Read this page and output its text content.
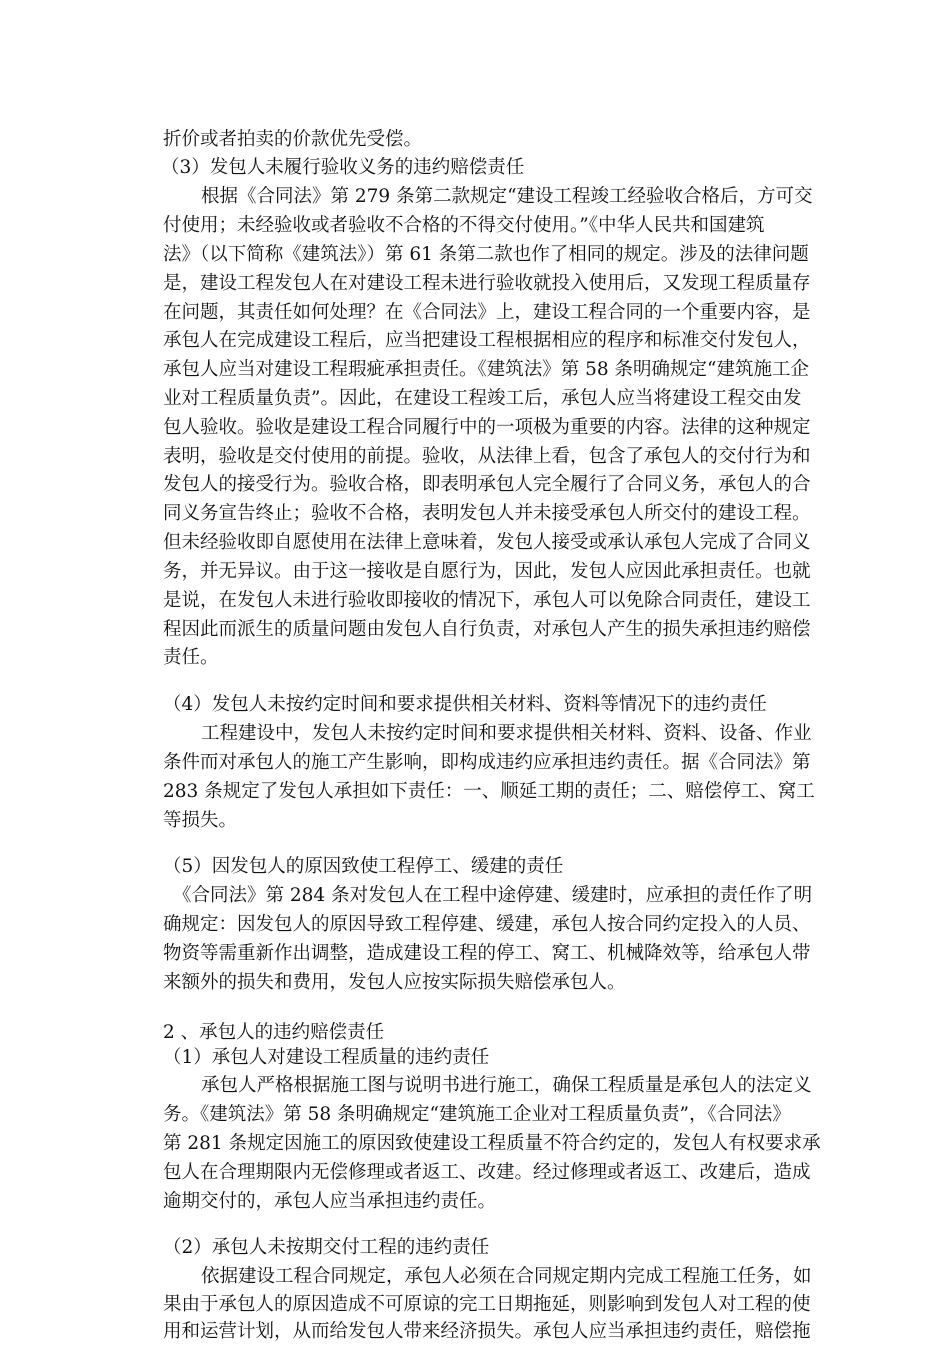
折价或者拍卖的价款优先受偿。
（3）发包人未履行验收义务的违约赔偿责任
根据《合同法》第 279 条第二款规定“建设工程竣工经验收合格后，方可交
付使用；未经验收或者验收不合格的不得交付使用。”《中华人民共和国建筑
法》（以下简称《建筑法》）第 61 条第二款也作了相同的规定。涉及的法律问题
是，建设工程发包人在对建设工程未进行验收就投入使用后，又发现工程质量存
在问题，其责任如何处理？在《合同法》上，建设工程合同的一个重要内容，是
承包人在完成建设工程后，应当把建设工程根据相应的程序和标准交付发包人，
承包人应当对建设工程瑕疵承担责任。《建筑法》第 58 条明确规定“建筑施工企
业对工程质量负责”。因此，在建设工程竣工后，承包人应当将建设工程交由发
包人验收。验收是建设工程合同履行中的一项极为重要的内容。法律的这种规定
表明，验收是交付使用的前提。验收，从法律上看，包含了承包人的交付行为和
发包人的接受行为。验收合格，即表明承包人完全履行了合同义务，承包人的合
同义务宣告终止；验收不合格，表明发包人并未接受承包人所交付的建设工程。
但未经验收即自愿使用在法律上意味着，发包人接受或承认承包人完成了合同义
务，并无异议。由于这一接收是自愿行为，因此，发包人应因此承担责任。也就
是说，在发包人未进行验收即接收的情况下，承包人可以免除合同责任，建设工
程因此而派生的质量问题由发包人自行负责，对承包人产生的损失承担违约赔偿
责任。
（4）发包人未按约定时间和要求提供相关材料、资料等情况下的违约责任
工程建设中，发包人未按约定时间和要求提供相关材料、资料、设备、作业
条件而对承包人的施工产生影响，即构成违约应承担违约责任。据《合同法》第
283 条规定了发包人承担如下责任：一、顺延工期的责任；二、赔偿停工、窝工
等损失。
（5）因发包人的原因致使工程停工、缓建的责任
《合同法》第 284 条对发包人在工程中途停建、缓建时，应承担的责任作了明
确规定：因发包人的原因导致工程停建、缓建，承包人按合同约定投入的人员、
物资等需重新作出调整，造成建设工程的停工、窝工、机械降效等，给承包人带
来额外的损失和费用，发包人应按实际损失赔偿承包人。
2 、承包人的违约赔偿责任
（1）承包人对建设工程质量的违约责任
承包人严格根据施工图与说明书进行施工，确保工程质量是承包人的法定义
务。《建筑法》第 58 条明确规定“建筑施工企业对工程质量负责”，《合同法》
第 281 条规定因施工的原因致使建设工程质量不符合约定的，发包人有权要求承
包人在合理期限内无偿修理或者返工、改建。经过修理或者返工、改建后，造成
逾期交付的，承包人应当承担违约责任。
（2）承包人未按期交付工程的违约责任
依据建设工程合同规定，承包人必须在合同规定期内完成工程施工任务，如
果由于承包人的原因造成不可原谅的完工日期拖延，则影响到发包人对工程的使
用和运营计划，从而给发包人带来经济损失。承包人应当承担违约责任，赔偿拖
